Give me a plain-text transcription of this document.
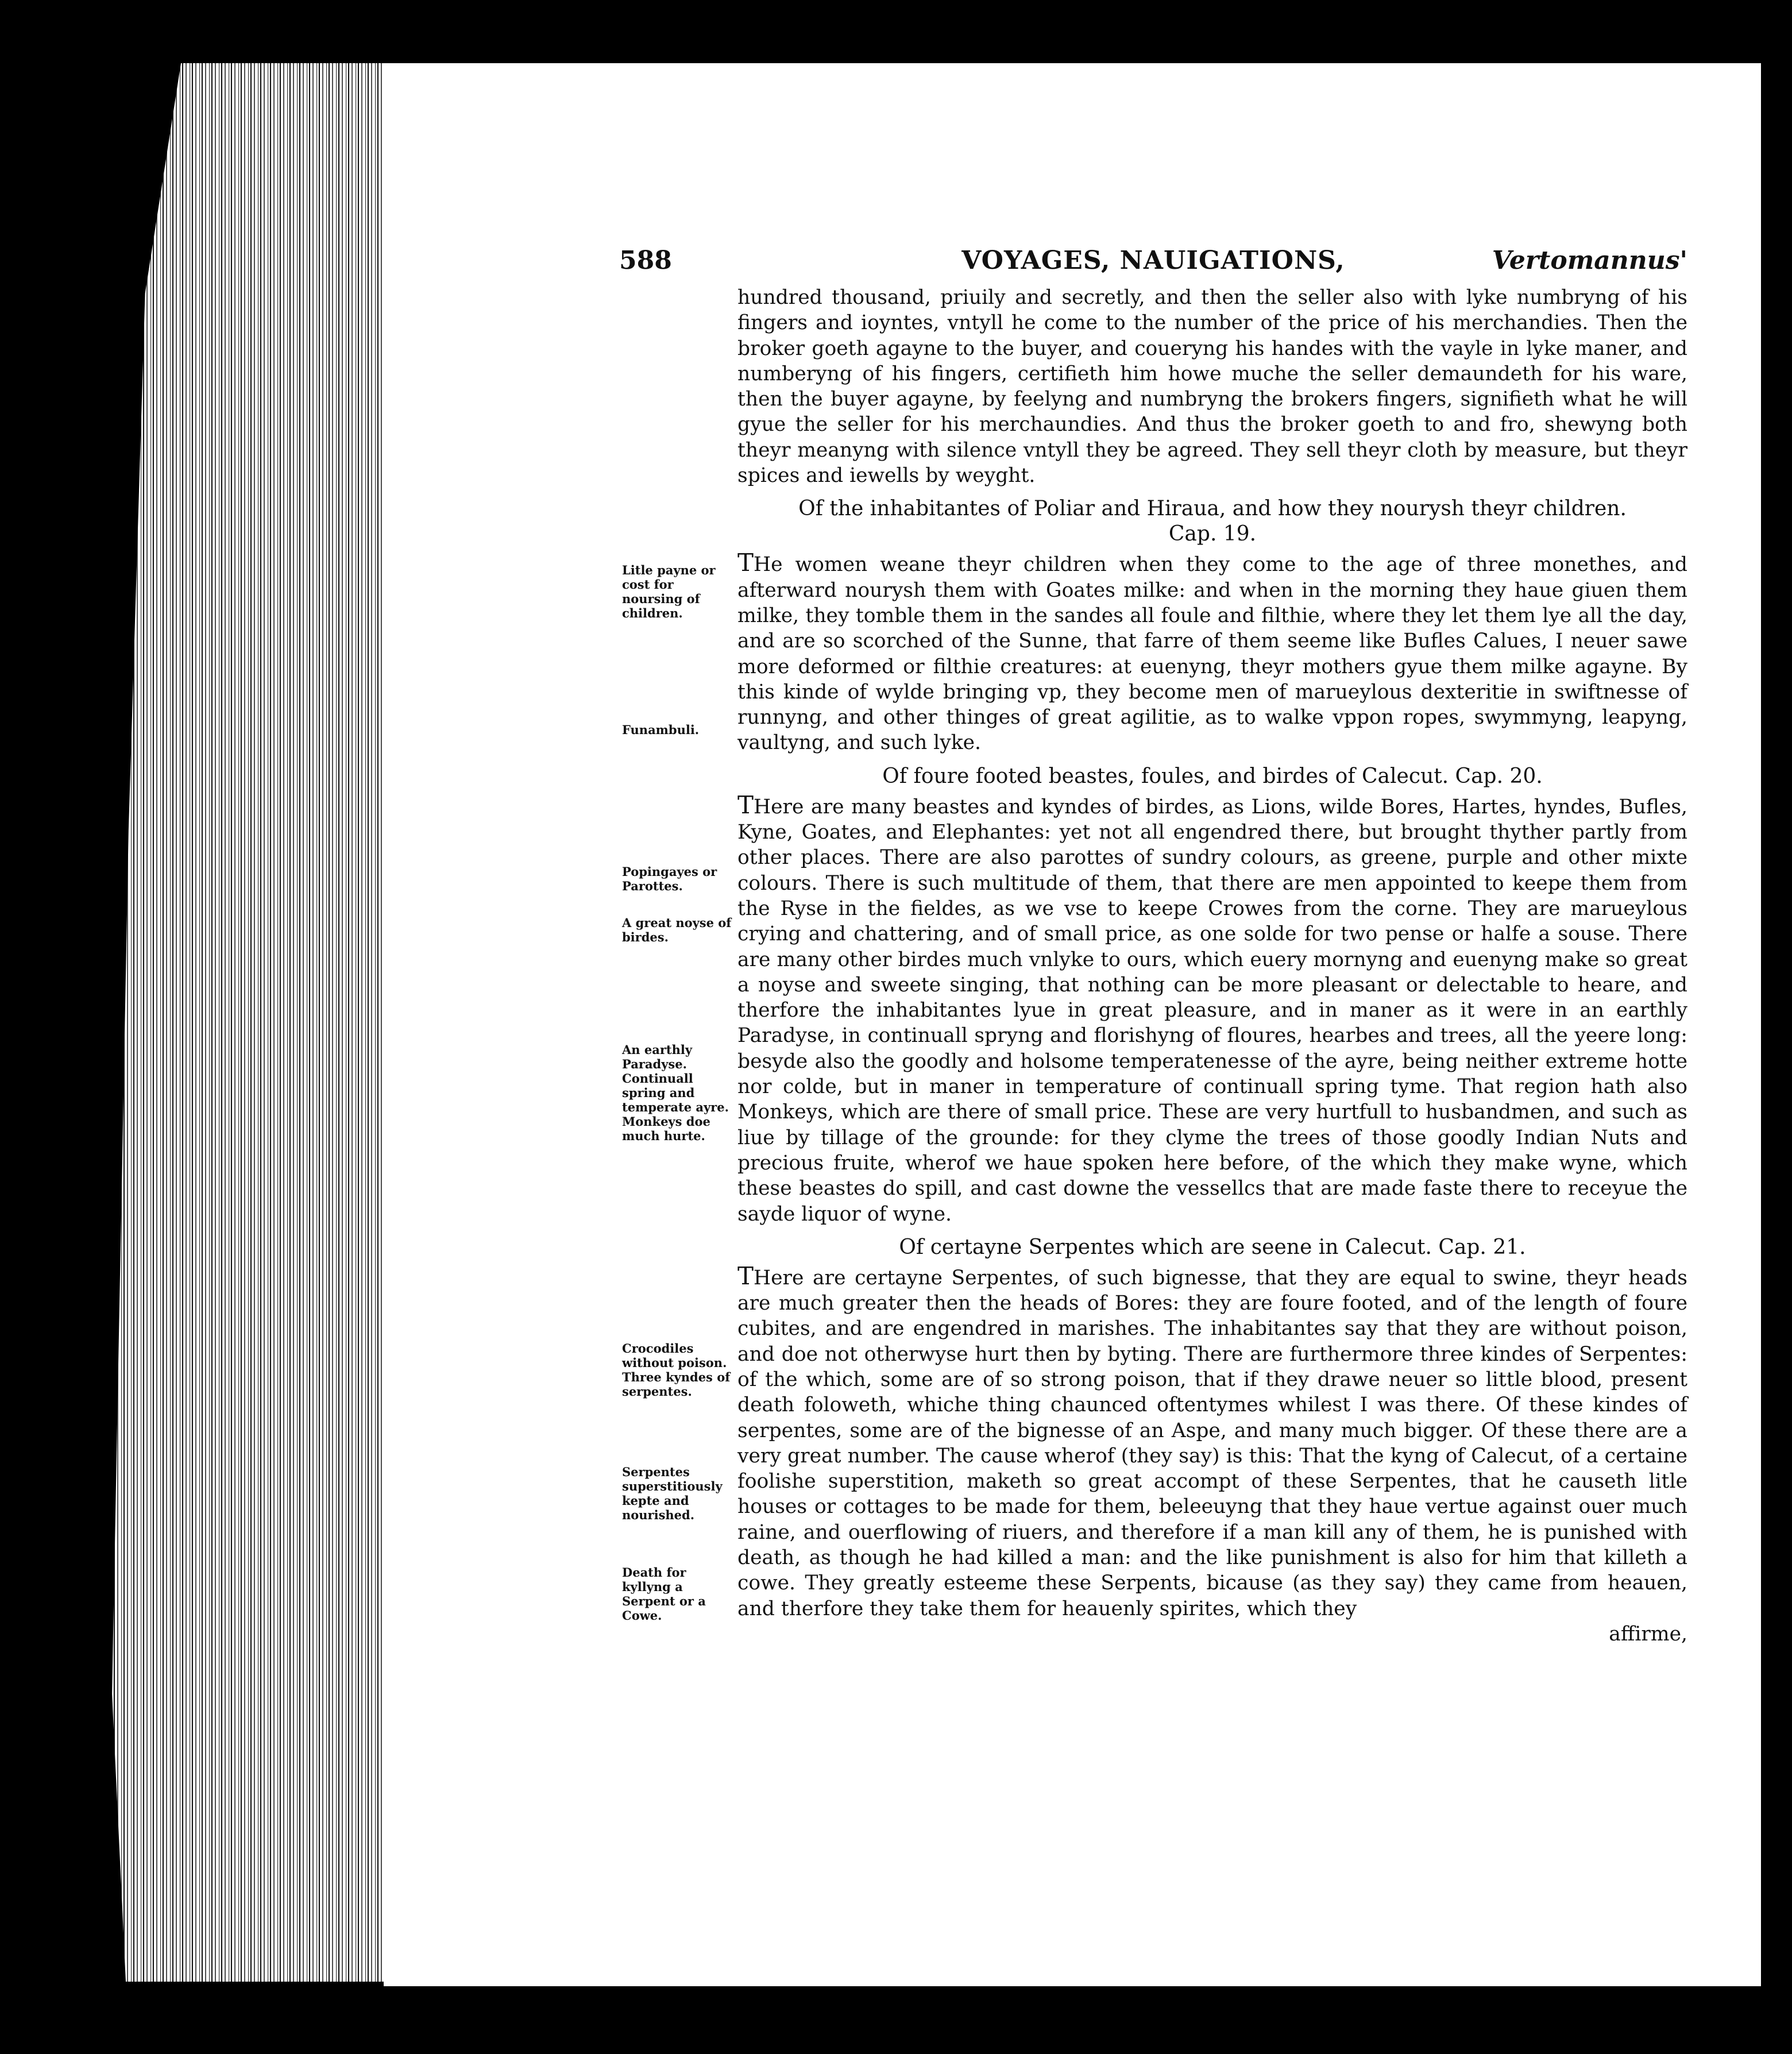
588	VOYAGES, NAUIGATIONS,	Vertomannus'
Litle payne or cost for noursing of children.
Funambuli.
Popingayes or Parottes.
A great noyse of birdes.
An earthly Paradyse. Continuall spring and temperate ayre. Monkeys doe much hurte.
Crocodiles without poison. Three kyndes of serpentes.
Serpentes superstitiously kepte and nourished.
Death for kyllyng a Serpent or a Cowe.

hundred thousand, priuily and secretly, and then the seller also with lyke numbryng of his fingers and ioyntes, vntyll he come to the number of the price of his merchandies. Then the broker goeth agayne to the buyer, and coueryng his handes with the vayle in lyke maner, and numberyng of his fingers, certifieth him howe muche the seller demaundeth for his ware, then the buyer agayne, by feelyng and numbryng the brokers fingers, signifieth what he will gyue the seller for his merchaundies. And thus the broker goeth to and fro, shewyng both theyr meanyng with silence vntyll they be agreed. They sell theyr cloth by measure, but theyr spices and iewells by weyght.

Of the inhabitantes of Poliar and Hiraua, and how they nourysh theyr children.
Cap. 19.

THe women weane theyr children when they come to the age of three monethes, and afterward nourysh them with Goates milke: and when in the morning they haue giuen them milke, they tomble them in the sandes all foule and filthie, where they let them lye all the day, and are so scorched of the Sunne, that farre of them seeme like Bufles Calues, I neuer sawe more deformed or filthie creatures: at euenyng, theyr mothers gyue them milke agayne. By this kinde of wylde bringing vp, they become men of marueylous dexteritie in swiftnesse of runnyng, and other thinges of great agilitie, as to walke vppon ropes, swymmyng, leapyng, vaultyng, and such lyke.

Of foure footed beastes, foules, and birdes of Calecut. Cap. 20.

THere are many beastes and kyndes of birdes, as Lions, wilde Bores, Hartes, hyndes, Bufles, Kyne, Goates, and Elephantes: yet not all engendred there, but brought thyther partly from other places. There are also parottes of sundry colours, as greene, purple and other mixte colours. There is such multitude of them, that there are men appointed to keepe them from the Ryse in the fieldes, as we vse to keepe Crowes from the corne. They are marueylous crying and chattering, and of small price, as one solde for two pense or halfe a souse. There are many other birdes much vnlyke to ours, which euery mornyng and euenyng make so great a noyse and sweete singing, that nothing can be more pleasant or delectable to heare, and therfore the inhabitantes lyue in great pleasure, and in maner as it were in an earthly Paradyse, in continuall spryng and florishyng of floures, hearbes and trees, all the yeere long: besyde also the goodly and holsome temperatenesse of the ayre, being neither extreme hotte nor colde, but in maner in temperature of continuall spring tyme. That region hath also Monkeys, which are there of small price. These are very hurtfull to husbandmen, and such as liue by tillage of the grounde: for they clyme the trees of those goodly Indian Nuts and precious fruite, wherof we haue spoken here before, of the which they make wyne, which these beastes do spill, and cast downe the vessellcs that are made faste there to receyue the sayde liquor of wyne.

Of certayne Serpentes which are seene in Calecut. Cap. 21.

THere are certayne Serpentes, of such bignesse, that they are equal to swine, theyr heads are much greater then the heads of Bores: they are foure footed, and of the length of foure cubites, and are engendred in marishes. The inhabitantes say that they are without poison, and doe not otherwyse hurt then by byting. There are furthermore three kindes of Serpentes: of the which, some are of so strong poison, that if they drawe neuer so little blood, present death foloweth, whiche thing chaunced oftentymes whilest I was there. Of these kindes of serpentes, some are of the bignesse of an Aspe, and many much bigger. Of these there are a very great number. The cause wherof (they say) is this: That the kyng of Calecut, of a certaine foolishe superstition, maketh so great accompt of these Serpentes, that he causeth litle houses or cottages to be made for them, beleeuyng that they haue vertue against ouer much raine, and ouerflowing of riuers, and therefore if a man kill any of them, he is punished with death, as though he had killed a man: and the like punishment is also for him that killeth a cowe. They greatly esteeme these Serpents, bicause (as they say) they came from heauen, and therfore they take them for heauenly spirites, which they

affirme,
